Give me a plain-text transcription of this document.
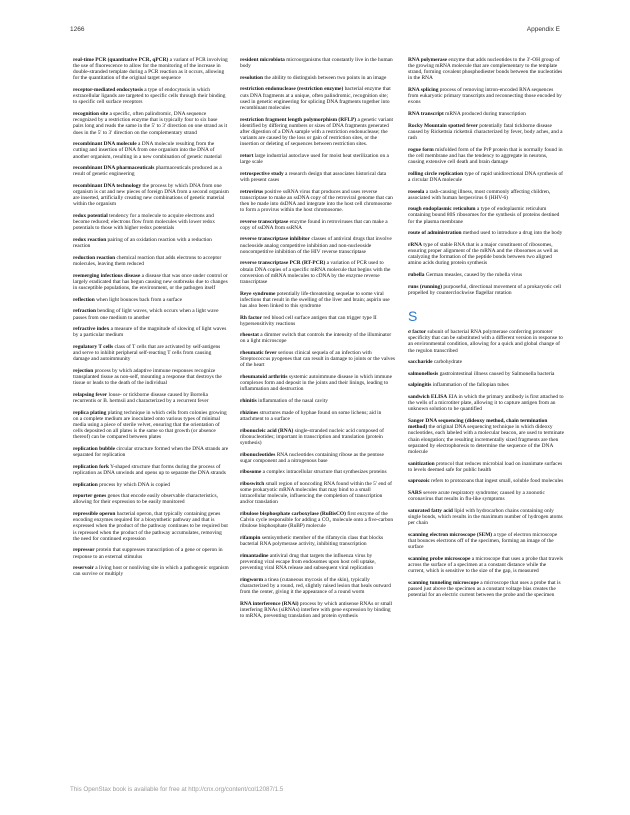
1266	Appendix E
real-time PCR (quantitative PCR, qPCR) a variant of PCR involving the use of fluorescence to allow for the monitoring of the increase in double-stranded template during a PCR reaction as it occurs, allowing for the quantitation of the original target sequence
receptor-mediated endocytosis a type of endocytosis in which extracellular ligands are targeted to specific cells through their binding to specific cell surface receptors
recognition site a specific, often palindromic, DNA sequence recognized by a restriction enzyme that is typically four to six base pairs long and reads the same in the 5′ to 3′ direction on one strand as it does in the 5′ to 3′ direction on the complementary strand
recombinant DNA molecule a DNA molecule resulting from the cutting and insertion of DNA from one organism into the DNA of another organism, resulting in a new combination of genetic material
recombinant DNA pharmaceuticals pharmaceuticals produced as a result of genetic engineering
recombinant DNA technology the process by which DNA from one organism is cut and new pieces of foreign DNA from a second organism are inserted, artificially creating new combinations of genetic material within the organism
redox potential tendency for a molecule to acquire electrons and become reduced; electrons flow from molecules with lower redox potentials to those with higher redox potentials
redox reaction pairing of an oxidation reaction with a reduction reaction
reduction reaction chemical reaction that adds electrons to acceptor molecules, leaving them reduced
reemerging infectious disease a disease that was once under control or largely eradicated that has begun causing new outbreaks due to changes in susceptible populations, the environment, or the pathogen itself
reflection when light bounces back from a surface
refraction bending of light waves, which occurs when a light wave passes from one medium to another
refractive index a measure of the magnitude of slowing of light waves by a particular medium
regulatory T cells class of T cells that are activated by self-antigens and serve to inhibit peripheral self-reacting T cells from causing damage and autoimmunity
rejection process by which adaptive immune responses recognize transplanted tissue as non-self, mounting a response that destroys the tissue or leads to the death of the individual
relapsing fever louse- or tickborne disease caused by Borrelia recurrentis or B. hermsii and characterized by a recurrent fever
replica plating plating technique in which cells from colonies growing on a complete medium are inoculated onto various types of minimal media using a piece of sterile velvet, ensuring that the orientation of cells deposited on all plates is the same so that growth (or absence thereof) can be compared between plates
replication bubble circular structure formed when the DNA strands are separated for replication
replication fork Y-shaped structure that forms during the process of replication as DNA unwinds and opens up to separate the DNA strands
replication process by which DNA is copied
reporter genes genes that encode easily observable characteristics, allowing for their expression to be easily monitored
repressible operon bacterial operon, that typically containing genes encoding enzymes required for a biosynthetic pathway and that is expressed when the product of the pathway continues to be required but is repressed when the product of the pathway accumulates, removing the need for continued expression
repressor protein that suppresses transcription of a gene or operon in response to an external stimulus
reservoir a living host or nonliving site in which a pathogenic organism can survive or multiply
resident microbiota microorganisms that constantly live in the human body
resolution the ability to distinguish between two points in an image
restriction endonuclease (restriction enzyme) bacterial enzyme that cuts DNA fragments at a unique, often palindromic, recognition site; used in genetic engineering for splicing DNA fragments together into recombinant molecules
restriction fragment length polymorphism (RFLP) a genetic variant identified by differing numbers or sizes of DNA fragments generated after digestion of a DNA sample with a restriction endonuclease; the variants are caused by the loss or gain of restriction sites, or the insertion or deleting of sequences between restriction sites.
retort large industrial autoclave used for moist heat sterilization on a large scale
retrospective study a research design that associates historical data with present cases
retrovirus positive ssRNA virus that produces and uses reverse transcriptase to make an ssDNA copy of the retroviral genome that can then be made into dsDNA and integrate into the host cell chromosome to form a provirus within the host chromosome.
reverse transcriptase enzyme found in retroviruses that can make a copy of ssDNA from ssRNA
reverse transcriptase inhibitor classes of antiviral drugs that involve nucleoside analog competitive inhibition and non-nucleoside noncompetitive inhibition of the HIV reverse transcriptase
reverse transcriptase PCR (RT-PCR) a variation of PCR used to obtain DNA copies of a specific mRNA molecule that begins with the conversion of mRNA molecules to cDNA by the enzyme reverse transcriptase
Reye syndrome potentially life-threatening sequelae to some viral infections that result in the swelling of the liver and brain; aspirin use has also been linked to this syndrome
Rh factor red blood cell surface antigen that can trigger type II hypersensitivity reactions
rheostat a dimmer switch that controls the intensity of the illuminator on a light microscope
rheumatic fever serious clinical sequela of an infection with Streptococcus pyogenes that can result in damage to joints or the valves of the heart
rheumatoid arthritis systemic autoimmune disease in which immune complexes form and deposit in the joints and their linings, leading to inflammation and destruction
rhinitis inflammation of the nasal cavity
rhizines structures made of hyphae found on some lichens; aid in attachment to a surface
ribonucleic acid (RNA) single-stranded nucleic acid composed of ribonucleotides; important in transcription and translation (protein synthesis)
ribonucleotides RNA nucleotides containing ribose as the pentose sugar component and a nitrogenous base
ribosome a complex intracellular structure that synthesizes proteins
riboswitch small region of noncoding RNA found within the 5′ end of some prokaryotic mRNA molecules that may bind to a small intracellular molecule, influencing the completion of transcription and/or translation
ribulose bisphosphate carboxylase (RuBisCO) first enzyme of the Calvin cycle responsible for adding a CO₂ molecule onto a five-carbon ribulose bisphosphate (RuBP) molecule
rifampin semisynthetic member of the rifamycin class that blocks bacterial RNA polymerase activity, inhibiting transcription
rimantadine antiviral drug that targets the influenza virus by preventing viral escape from endosomes upon host cell uptake, preventing viral RNA release and subsequent viral replication
ringworm a tinea (cutaneous mycosis of the skin), typically characterized by a round, red, slightly raised lesion that heals outward from the center, giving it the appearance of a round worm
RNA interference (RNAi) process by which antisense RNAs or small interfering RNAs (siRNAs) interfere with gene expression by binding to mRNA, preventing translation and protein synthesis
RNA polymerase enzyme that adds nucleotides to the 3′-OH group of the growing mRNA molecule that are complementary to the template strand, forming covalent phosphodiester bonds between the nucleotides in the RNA
RNA splicing process of removing intron-encoded RNA sequences from eukaryotic primary transcripts and reconnecting those encoded by exons
RNA transcript mRNA produced during transcription
Rocky Mountain spotted fever potentially fatal tickborne disease caused by Rickettsia rickettsii characterized by fever, body aches, and a rash
rogue form misfolded form of the PrP protein that is normally found in the cell membrane and has the tendency to aggregate in neurons, causing extensive cell death and brain damage
rolling circle replication type of rapid unidirectional DNA synthesis of a circular DNA molecule
roseola a rash-causing illness, most commonly affecting children, associated with human herpesvirus 6 (HHV-6)
rough endoplasmic reticulum a type of endoplasmic reticulum containing bound 80S ribosomes for the synthesis of proteins destined for the plasma membrane
route of administration method used to introduce a drug into the body
rRNA type of stable RNA that is a major constituent of ribosomes, ensuring proper alignment of the mRNA and the ribosomes as well as catalyzing the formation of the peptide bonds between two aligned amino acids during protein synthesis
rubella German measles, caused by the rubella virus
runs (running) purposeful, directional movement of a prokaryotic cell propelled by counterclockwise flagellar rotation
S
σ factor subunit of bacterial RNA polymerase conferring promoter specificity that can be substituted with a different version in response to an environmental condition, allowing for a quick and global change of the regulon transcribed
saccharide carbohydrate
salmonellosis gastrointestinal illness caused by Salmonella bacteria
salpingitis inflammation of the fallopian tubes
sandwich ELISA EIA in which the primary antibody is first attached to the wells of a microtiter plate, allowing it to capture antigen from an unknown solution to be quantified
Sanger DNA sequencing (dideoxy method, chain termination method) the original DNA sequencing technique in which dideoxy nucleotides, each labeled with a molecular beacon, are used to terminate chain elongation; the resulting incrementally sized fragments are then separated by electrophoresis to determine the sequence of the DNA molecule
sanitization protocol that reduces microbial load on inanimate surfaces to levels deemed safe for public health
saprozoic refers to protozoans that ingest small, soluble food molecules
SARS severe acute respiratory syndrome; caused by a zoonotic coronavirus that results in flu-like symptoms
saturated fatty acid lipid with hydrocarbon chains containing only single bonds, which results in the maximum number of hydrogen atoms per chain
scanning electron microscope (SEM) a type of electron microscope that bounces electrons off of the specimen, forming an image of the surface
scanning probe microscope a microscope that uses a probe that travels across the surface of a specimen at a constant distance while the current, which is sensitive to the size of the gap, is measured
scanning tunneling microscope a microscope that uses a probe that is passed just above the specimen as a constant voltage bias creates the potential for an electric current between the probe and the specimen
This OpenStax book is available for free at http://cnx.org/content/col12087/1.5
